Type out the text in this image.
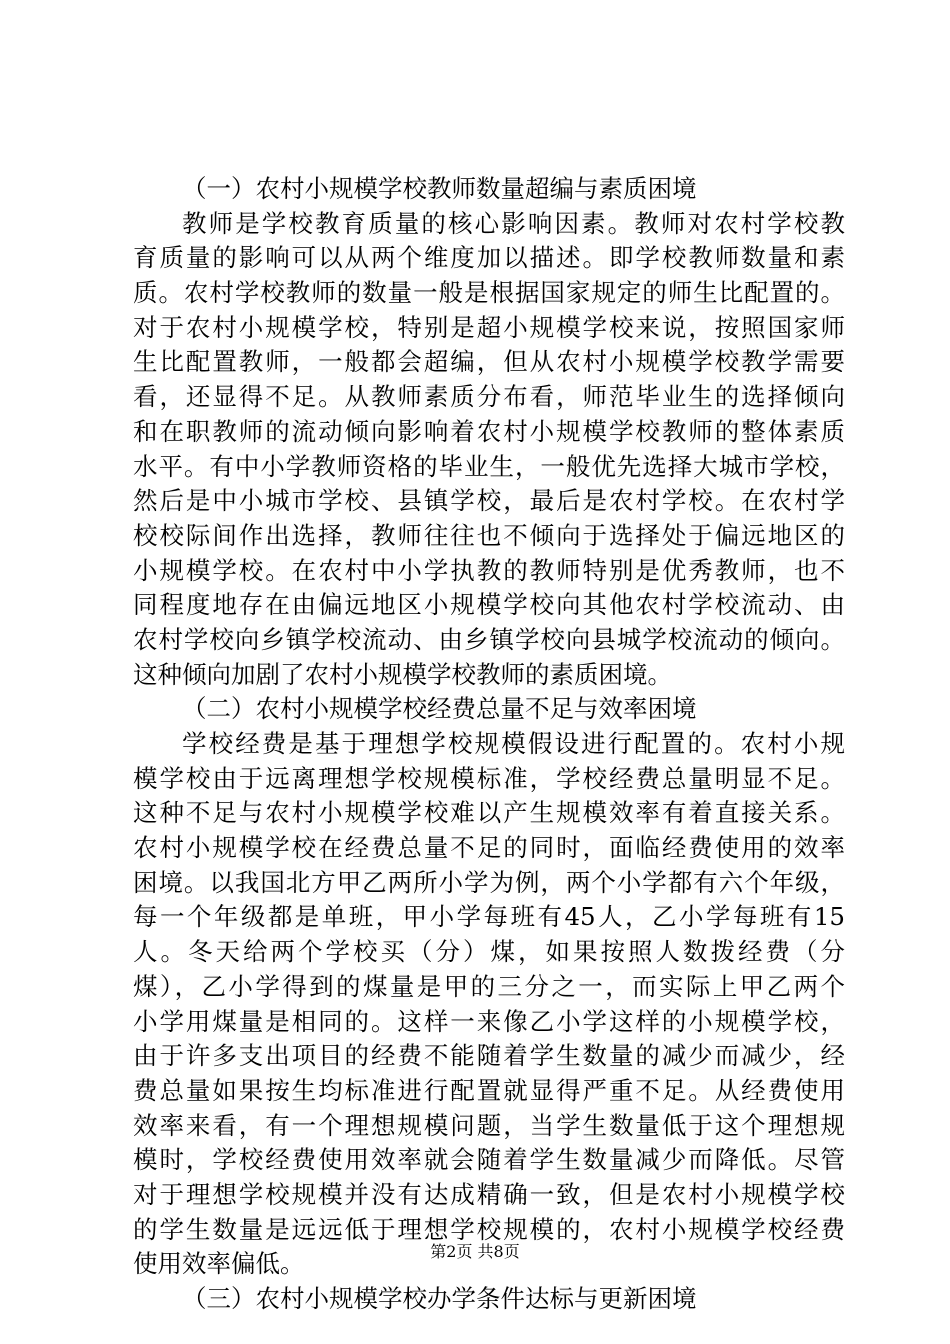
（一）农村小规模学校教师数量超编与素质困境
教师是学校教育质量的核心影响因素。教师对农村学校教
育质量的影响可以从两个维度加以描述。即学校教师数量和素
质。农村学校教师的数量一般是根据国家规定的师生比配置的。
对于农村小规模学校，特别是超小规模学校来说，按照国家师
生比配置教师，一般都会超编，但从农村小规模学校教学需要
看，还显得不足。从教师素质分布看，师范毕业生的选择倾向
和在职教师的流动倾向影响着农村小规模学校教师的整体素质
水平。有中小学教师资格的毕业生，一般优先选择大城市学校，
然后是中小城市学校、县镇学校，最后是农村学校。在农村学
校校际间作出选择，教师往往也不倾向于选择处于偏远地区的
小规模学校。在农村中小学执教的教师特别是优秀教师，也不
同程度地存在由偏远地区小规模学校向其他农村学校流动、由
农村学校向乡镇学校流动、由乡镇学校向县城学校流动的倾向。
这种倾向加剧了农村小规模学校教师的素质困境。
（二）农村小规模学校经费总量不足与效率困境
学校经费是基于理想学校规模假设进行配置的。农村小规
模学校由于远离理想学校规模标准，学校经费总量明显不足。
这种不足与农村小规模学校难以产生规模效率有着直接关系。
农村小规模学校在经费总量不足的同时，面临经费使用的效率
困境。以我国北方甲乙两所小学为例，两个小学都有六个年级，
每一个年级都是单班，甲小学每班有45人，乙小学每班有15
人。冬天给两个学校买（分）煤，如果按照人数拨经费（分
煤），乙小学得到的煤量是甲的三分之一，而实际上甲乙两个
小学用煤量是相同的。这样一来像乙小学这样的小规模学校，
由于许多支出项目的经费不能随着学生数量的减少而减少，经
费总量如果按生均标准进行配置就显得严重不足。从经费使用
效率来看，有一个理想规模问题，当学生数量低于这个理想规
模时，学校经费使用效率就会随着学生数量减少而降低。尽管
对于理想学校规模并没有达成精确一致，但是农村小规模学校
的学生数量是远远低于理想学校规模的，农村小规模学校经费
使用效率偏低。
（三）农村小规模学校办学条件达标与更新困境
第2页 共8页
